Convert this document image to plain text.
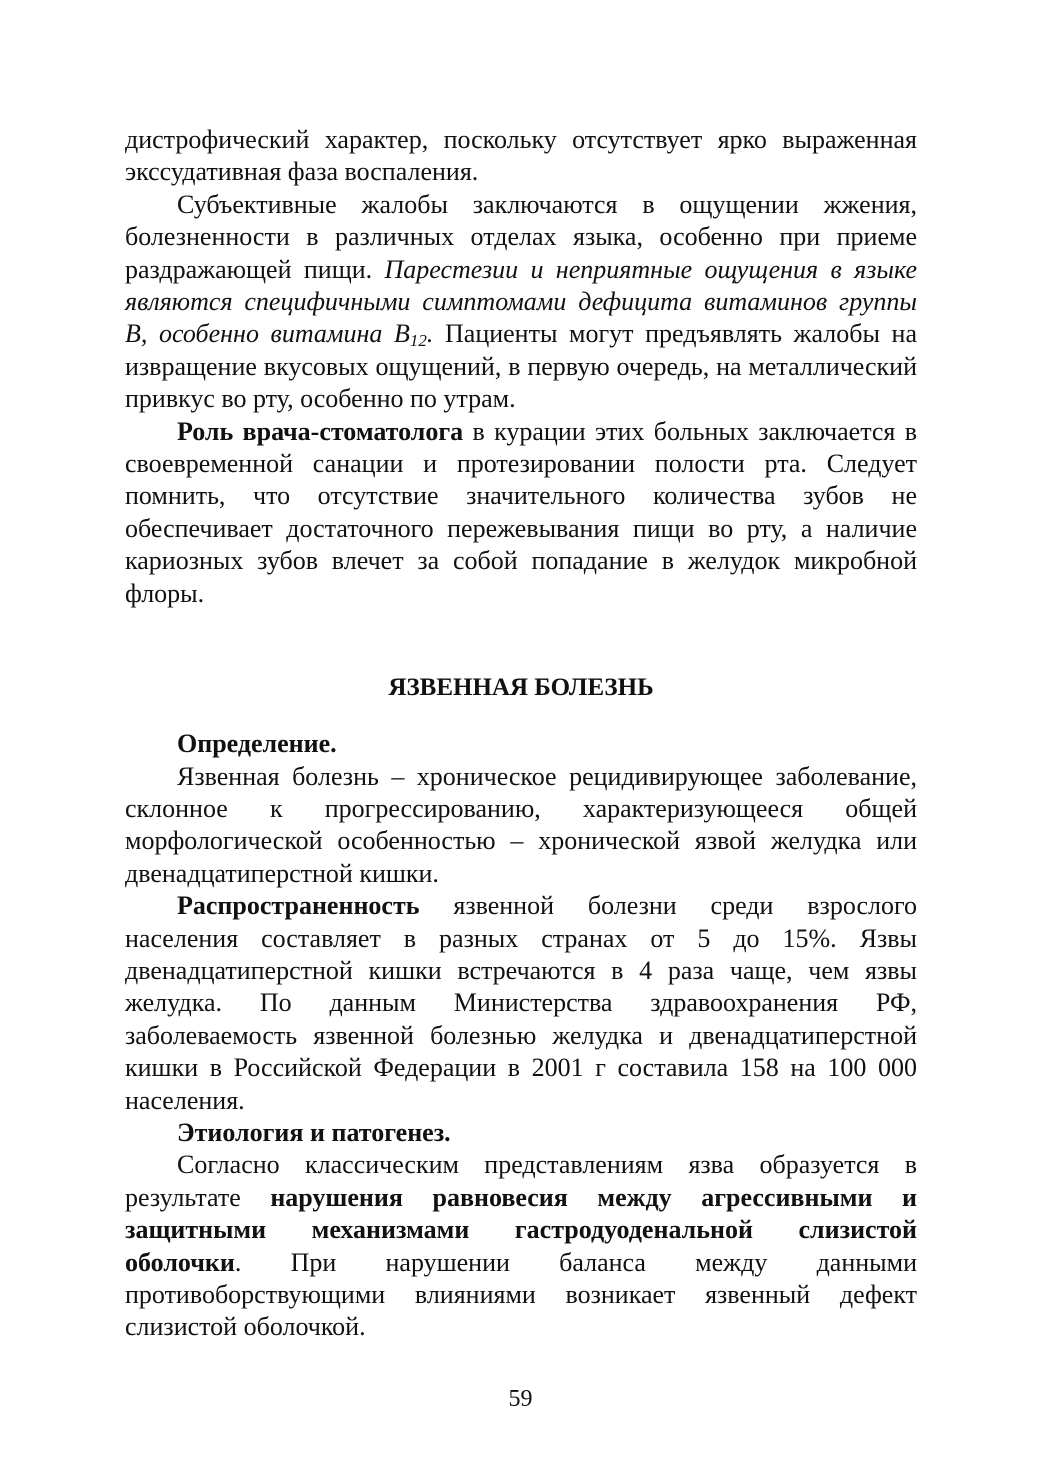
дистрофический характер, поскольку отсутствует ярко выраженная экссудативная фаза воспаления.

Субъективные жалобы заключаются в ощущении жжения, болезненности в различных отделах языка, особенно при приеме раздражающей пищи. Парестезии и неприятные ощущения в языке являются специфичными симптомами дефицита витаминов группы В, особенно витамина $B_{12}$. Пациенты могут предъявлять жалобы на извращение вкусовых ощущений, в первую очередь, на металлический привкус во рту, особенно по утрам.

Роль врача-стоматолога в курации этих больных заключается в своевременной санации и протезировании полости рта. Следует помнить, что отсутствие значительного количества зубов не обеспечивает достаточного пережевывания пищи во рту, а наличие кариозных зубов влечет за собой попадание в желудок микробной флоры.

ЯЗВЕННАЯ БОЛЕЗНЬ

Определение.

Язвенная болезнь – хроническое рецидивирующее заболевание, склонное к прогрессированию, характеризующееся общей морфологической особенностью – хронической язвой желудка или двенадцатиперстной кишки.

Распространенность язвенной болезни среди взрослого населения составляет в разных странах от 5 до 15%. Язвы двенадцатиперстной кишки встречаются в 4 раза чаще, чем язвы желудка. По данным Министерства здравоохранения РФ, заболеваемость язвенной болезнью желудка и двенадцатиперстной кишки в Российской Федерации в 2001 г составила 158 на 100 000 населения.

Этиология и патогенез.

Согласно классическим представлениям язва образуется в результате нарушения равновесия между агрессивными и защитными механизмами гастродуоденальной слизистой оболочки. При нарушении баланса между данными противоборствующими влияниями возникает язвенный дефект слизистой оболочкой.

59
